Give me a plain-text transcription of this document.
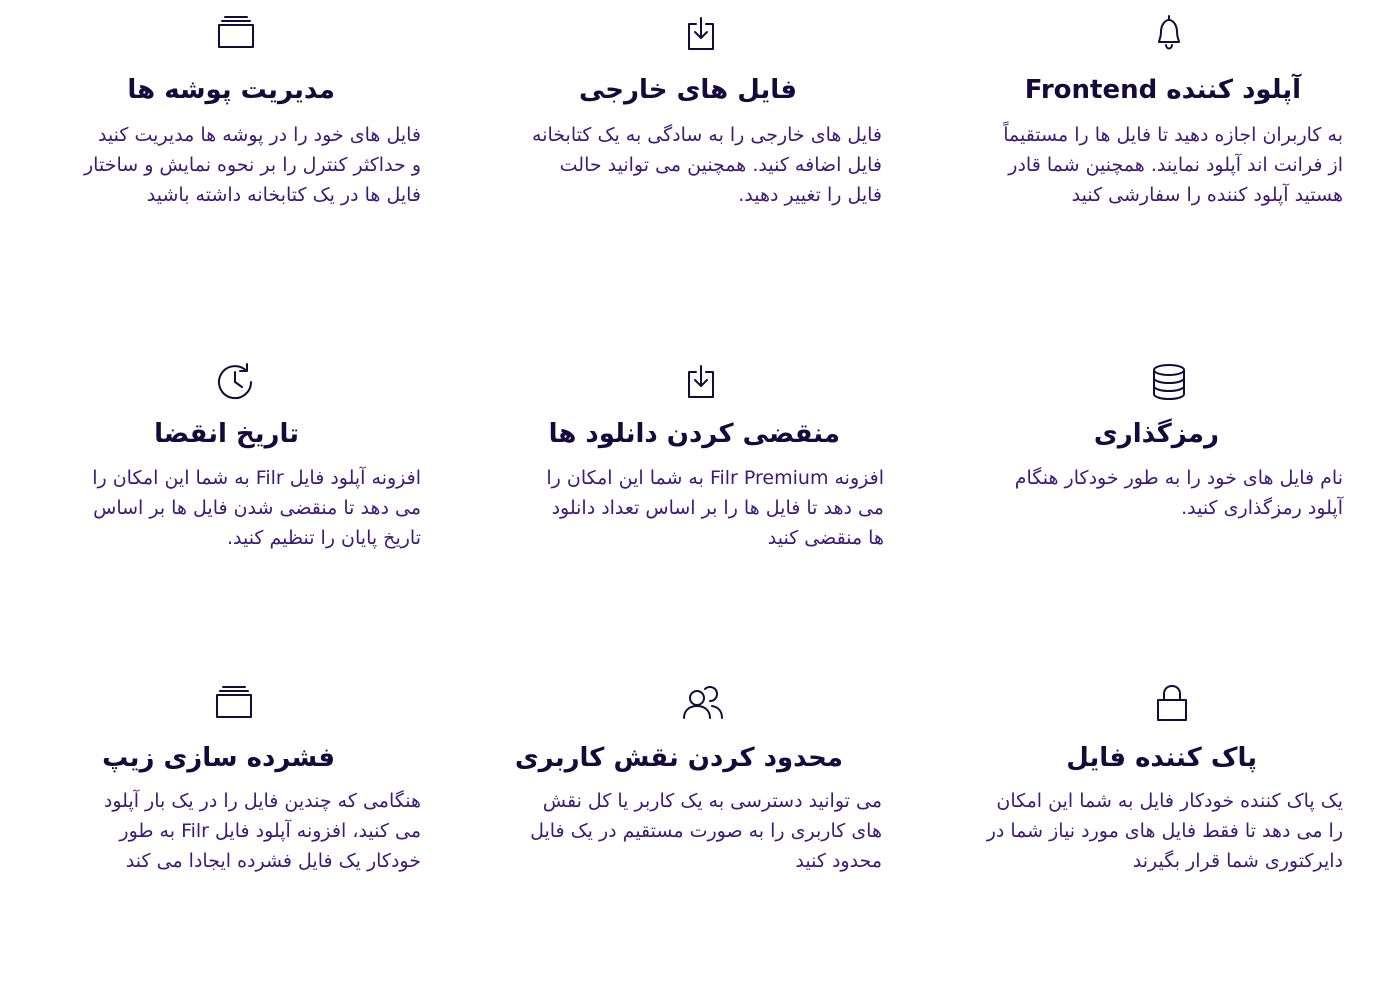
آپلود کننده Frontend
به کاربران اجازه دهید تا فایل ها را مستقیماً
از فرانت اند آپلود نمایند. همچنین شما قادر
هستید آپلود کننده را سفارشی کنید
فایل های خارجی
فایل های خارجی را به سادگی به یک کتابخانه
فایل اضافه کنید. همچنین می توانید حالت
فایل را تغییر دهید.
مدیریت پوشه ها
فایل های خود را در پوشه ها مدیریت کنید
و حداکثر کنترل را بر نحوه نمایش و ساختار
فایل ها در یک کتابخانه داشته باشید
رمزگذاری
نام فایل های خود را به طور خودکار هنگام
آپلود رمزگذاری کنید.
منقضی کردن دانلود ها
افزونه Filr Premium به شما این امکان را
می دهد تا فایل ها را بر اساس تعداد دانلود
ها منقضی کنید
تاریخ انقضا
افزونه آپلود فایل Filr به شما این امکان را
می دهد تا منقضی شدن فایل ها بر اساس
تاریخ پایان را تنظیم کنید.
پاک کننده فایل
یک پاک کننده خودکار فایل به شما این امکان
را می دهد تا فقط فایل های مورد نیاز شما در
دایرکتوری شما قرار بگیرند
محدود کردن نقش کاربری
می توانید دسترسی به یک کاربر یا کل نقش
های کاربری را به صورت مستقیم در یک فایل
محدود کنید
فشرده سازی زیپ
هنگامی که چندین فایل را در یک بار آپلود
می کنید، افزونه آپلود فایل Filr به طور
خودکار یک فایل فشرده ایجادا می کند
